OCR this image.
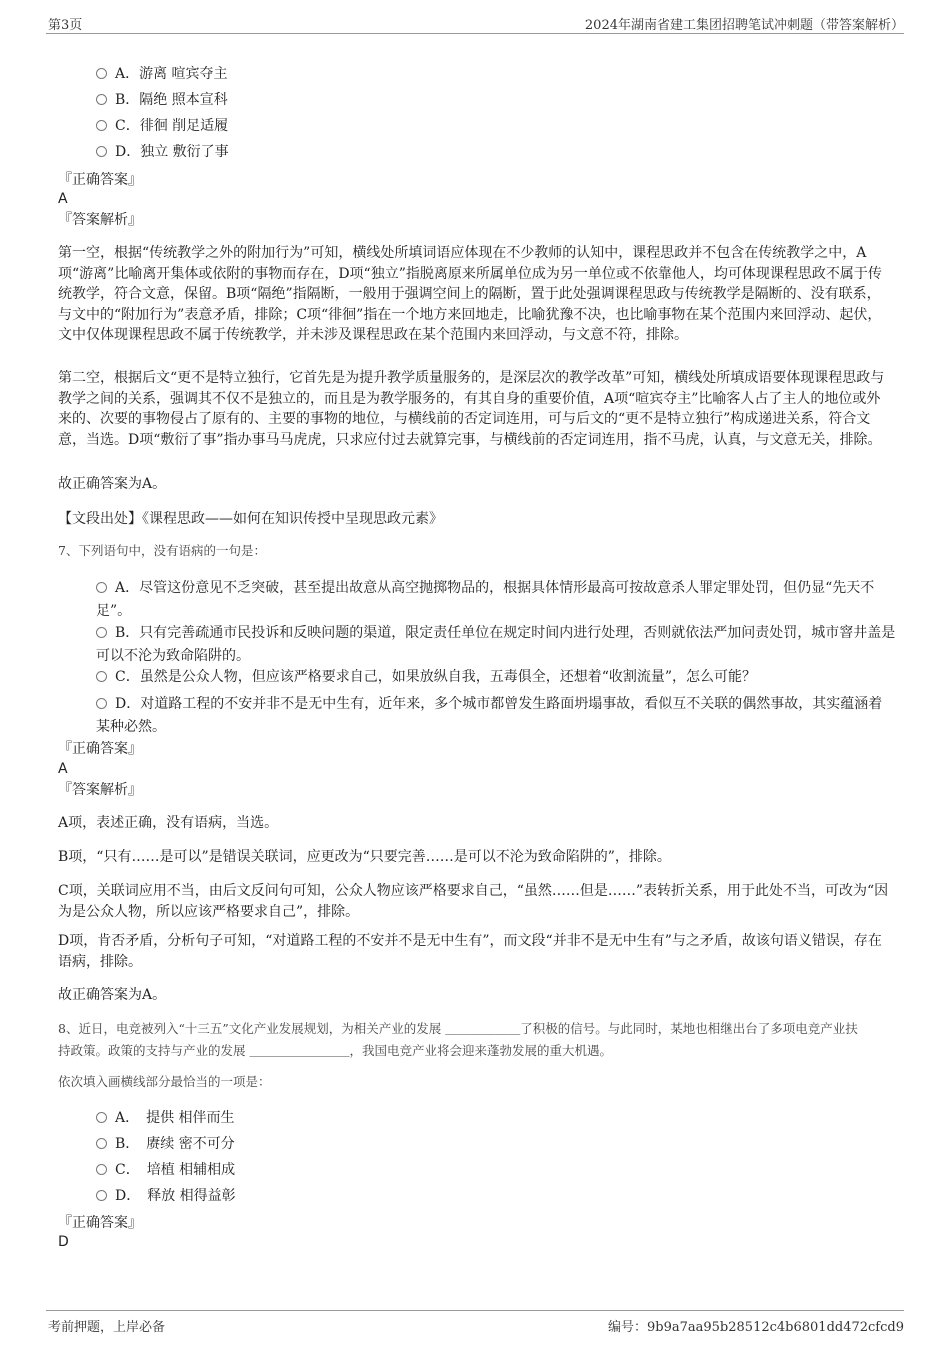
第3页	2024年湖南省建工集团招聘笔试冲刺题（带答案解析）
A．游离 喧宾夺主
B．隔绝 照本宣科
C．徘徊 削足适履
D．独立 敷衍了事
『正确答案』
A
『答案解析』
第一空，根据“传统教学之外的附加行为”可知，横线处所填词语应体现在不少教师的认知中，课程思政并不包含在传统教学之中，A项“游离”比喻离开集体或依附的事物而存在，D项“独立”指脱离原来所属单位成为另一单位或不依靠他人，均可体现课程思政不属于传统教学，符合文意，保留。B项“隔绝”指隔断，一般用于强调空间上的隔断，置于此处强调课程思政与传统教学是隔断的、没有联系，与文中的“附加行为”表意矛盾，排除；C项“徘徊”指在一个地方来回地走，比喻犹豫不决，也比喻事物在某个范围内来回浮动、起伏，文中仅体现课程思政不属于传统教学，并未涉及课程思政在某个范围内来回浮动，与文意不符，排除。
第二空，根据后文“更不是特立独行，它首先是为提升教学质量服务的，是深层次的教学改革”可知，横线处所填成语要体现课程思政与教学之间的关系，强调其不仅不是独立的，而且是为教学服务的，有其自身的重要价值，A项“喧宾夺主”比喻客人占了主人的地位或外来的、次要的事物侵占了原有的、主要的事物的地位，与横线前的否定词连用，可与后文的“更不是特立独行”构成递进关系，符合文意，当选。D项“敷衍了事”指办事马马虎虎，只求应付过去就算完事，与横线前的否定词连用，指不马虎，认真，与文意无关，排除。
故正确答案为A。
【文段出处】《课程思政——如何在知识传授中呈现思政元素》
7、下列语句中，没有语病的一句是：
A．尽管这份意见不乏突破，甚至提出故意从高空抛掷物品的，根据具体情形最高可按故意杀人罪定罪处罚，但仍显“先天不足”。
B．只有完善疏通市民投诉和反映问题的渠道，限定责任单位在规定时间内进行处理，否则就依法严加问责处罚，城市窨井盖是可以不沦为致命陷阱的。
C．虽然是公众人物，但应该严格要求自己，如果放纵自我，五毒俱全，还想着“收割流量”，怎么可能？
D．对道路工程的不安并非不是无中生有，近年来，多个城市都曾发生路面坍塌事故，看似互不关联的偶然事故，其实蕴涵着某种必然。
『正确答案』
A
『答案解析』
A项，表述正确，没有语病，当选。
B项，“只有……是可以”是错误关联词，应更改为“只要完善……是可以不沦为致命陷阱的”，排除。
C项，关联词应用不当，由后文反问句可知，公众人物应该严格要求自己，“虽然……但是……”表转折关系，用于此处不当，可改为“因为是公众人物，所以应该严格要求自己”，排除。
D项，肯否矛盾，分析句子可知，“对道路工程的不安并不是无中生有”，而文段“并非不是无中生有”与之矛盾，故该句语义错误，存在语病，排除。
故正确答案为A。
8、近日，电竞被列入“十三五”文化产业发展规划，为相关产业的发展 ＿＿＿＿＿＿了积极的信号。与此同时，某地也相继出台了多项电竞产业扶
持政策。政策的支持与产业的发展 ＿＿＿＿＿＿＿＿，我国电竞产业将会迎来蓬勃发展的重大机遇。
依次填入画横线部分最恰当的一项是：
A．　提供 相伴而生
B．　赓续 密不可分
C．　培植 相辅相成
D．　释放 相得益彰
『正确答案』
D
考前押题，上岸必备	编号：9b9a7aa95b28512c4b6801dd472cfcd9
